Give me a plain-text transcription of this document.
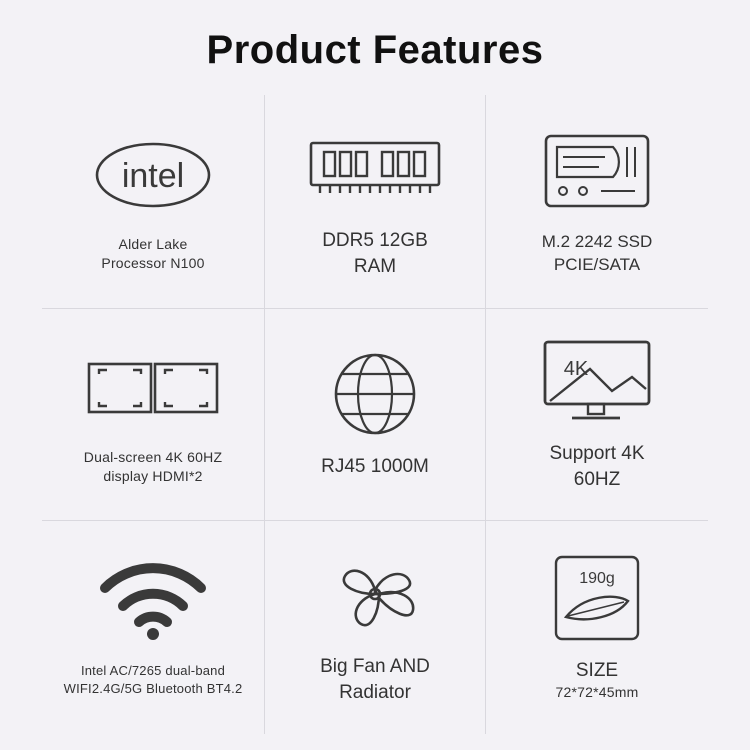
Product Features
intel
Alder Lake
Processor N100
DDR5 12GB
RAM
M.2 2242 SSD
PCIE/SATA
Dual-screen 4K 60HZ
display HDMI*2	RJ45 1000M
4K
Support 4K
60HZ
Intel AC/7265 dual-band
WIFI2.4G/5G Bluetooth BT4.2
Big Fan AND
Radiator
190g
SIZE
72*72*45mm
